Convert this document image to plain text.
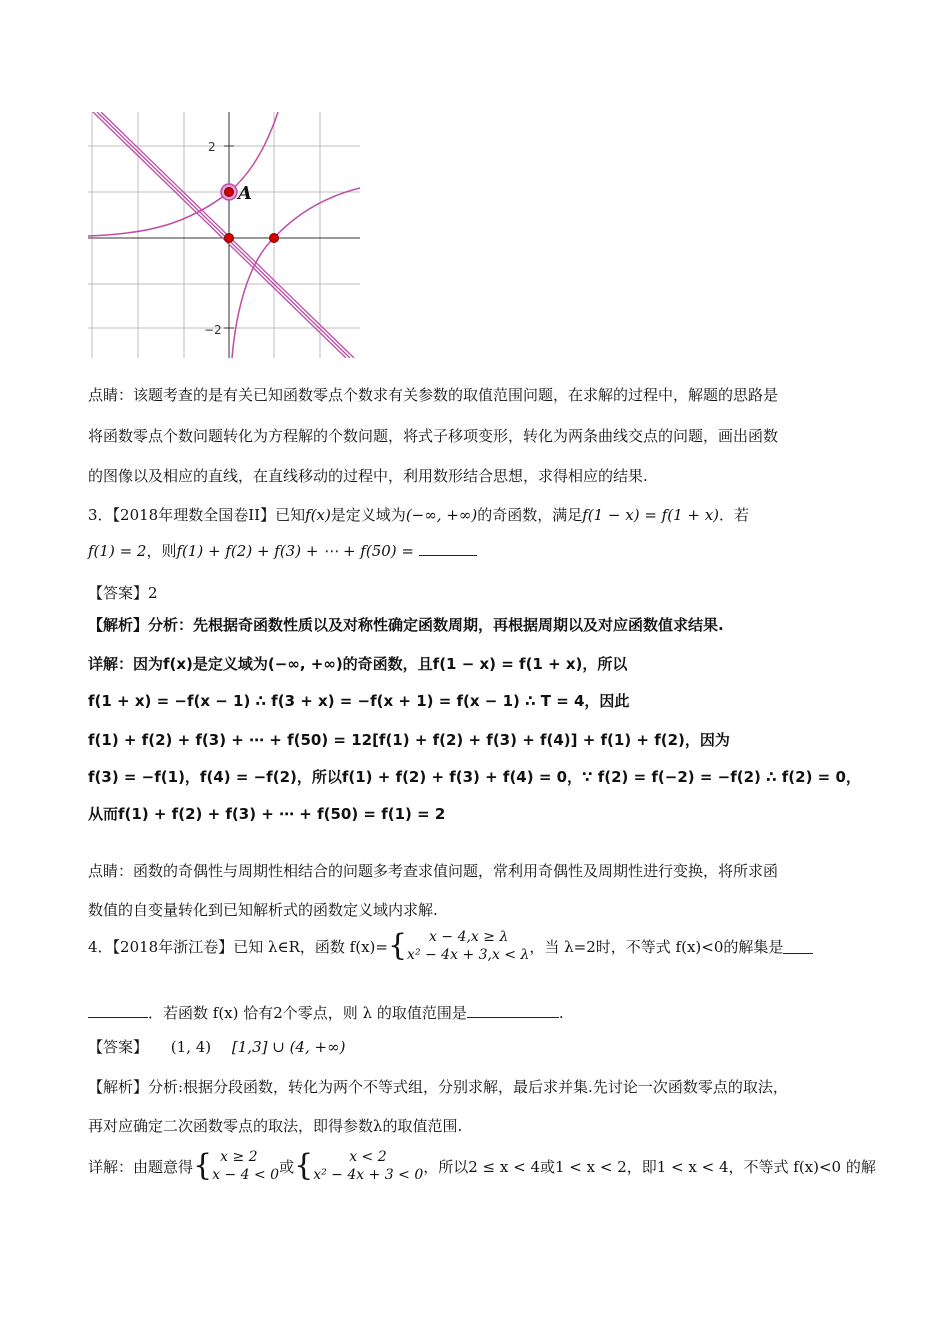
2
−2
A
点睛：该题考查的是有关已知函数零点个数求有关参数的取值范围问题，在求解的过程中，解题的思路是
将函数零点个数问题转化为方程解的个数问题，将式子移项变形，转化为两条曲线交点的问题，画出函数
的图像以及相应的直线，在直线移动的过程中，利用数形结合思想，求得相应的结果.
3．【2018年理数全国卷II】已知f(x)是定义域为(−∞, +∞)的奇函数，满足f(1 − x) = f(1 + x)．若
f(1) = 2，则f(1) + f(2) + f(3) + ⋯ + f(50) =
【答案】2
【解析】分析：先根据奇函数性质以及对称性确定函数周期，再根据周期以及对应函数值求结果.
详解：因为f(x)是定义域为(−∞, +∞)的奇函数，且f(1 − x) = f(1 + x)，所以
f(1 + x) = −f(x − 1) ∴ f(3 + x) = −f(x + 1) = f(x − 1) ∴ T = 4，因此
f(1) + f(2) + f(3) + ⋯ + f(50) = 12[f(1) + f(2) + f(3) + f(4)] + f(1) + f(2)，因为
f(3) = −f(1)，f(4) = −f(2)，所以f(1) + f(2) + f(3) + f(4) = 0，∵ f(2) = f(−2) = −f(2) ∴ f(2) = 0，
从而f(1) + f(2) + f(3) + ⋯ + f(50) = f(1) = 2
点睛：函数的奇偶性与周期性相结合的问题多考查求值问题，常利用奇偶性及周期性进行变换，将所求函
数值的自变量转化到已知解析式的函数定义域内求解.
4．【2018年浙江卷】已知 λ∈R，函数 f(x)={	x − 4,x ≥ λ
x² − 4x + 3,x < λ ，当 λ=2时，不等式 f(x)<0的解集是
．若函数 f(x) 恰有2个零点，则 λ 的取值范围是	.
【答案】 (1, 4) [1,3] ∪ (4, +∞)
【解析】分析:根据分段函数，转化为两个不等式组，分别求解，最后求并集.先讨论一次函数零点的取法，
再对应确定二次函数零点的取法，即得参数λ的取值范围.
详解：由题意得{ x ≥ 2
x − 4 < 0 或{	x < 2
x² − 4x + 3 < 0 ，所以2 ≤ x < 4或1 < x < 2，即1 < x < 4，不等式 f(x)<0 的解
